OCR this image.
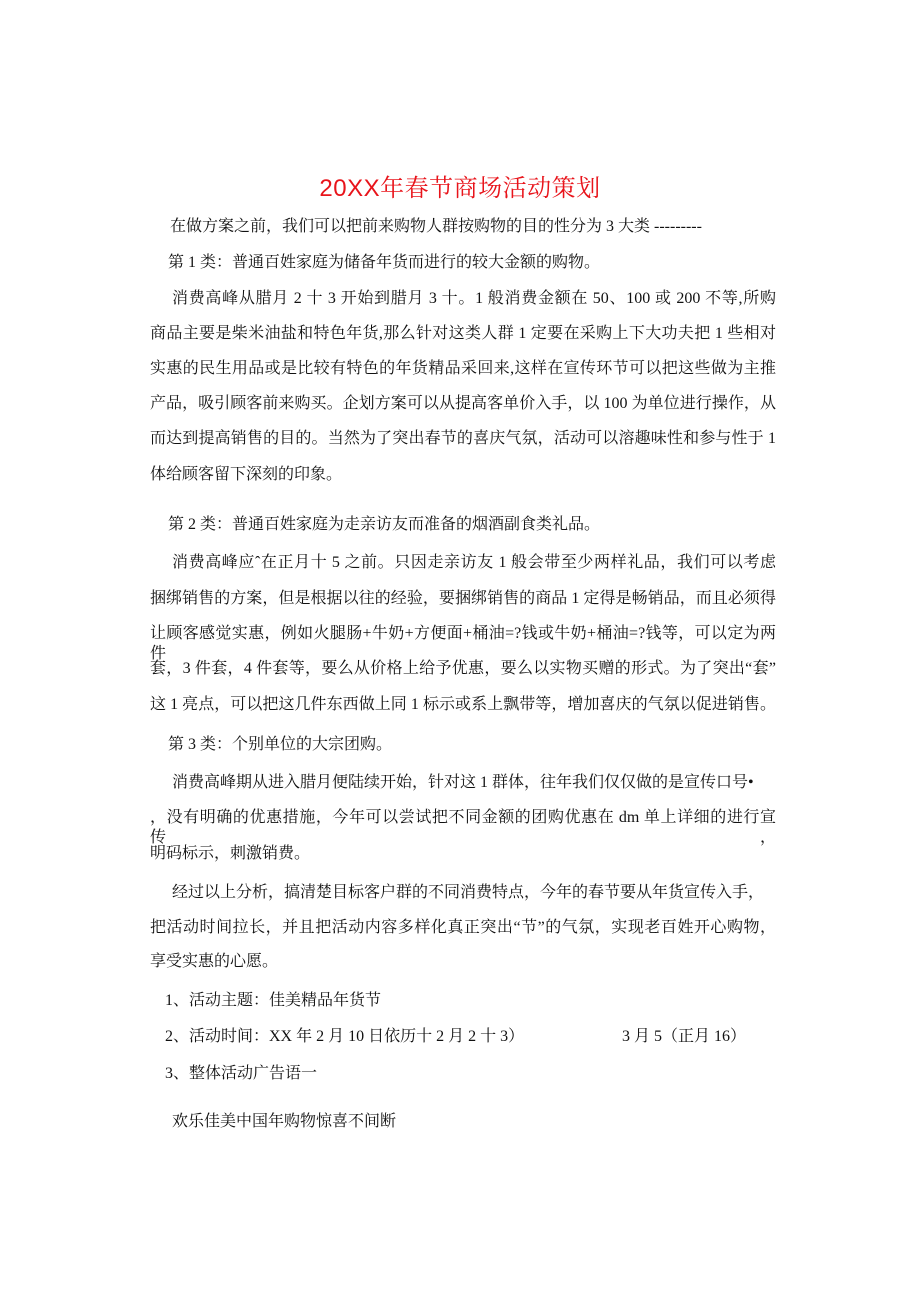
20XX年春节商场活动策划
在做方案之前，我们可以把前来购物人群按购物的目的性分为 3 大类 ---------
第 1 类：普通百姓家庭为储备年货而进行的较大金额的购物。
消费高峰从腊月 2 十 3 开始到腊月 3 十。1 般消费金额在 50、100 或 200 不等,所购
商品主要是柴米油盐和特色年货,那么针对这类人群 1 定要在采购上下大功夫把 1 些相对
实惠的民生用品或是比较有特色的年货精品采回来,这样在宣传环节可以把这些做为主推
产品，吸引顾客前来购买。企划方案可以从提高客单价入手，以 100 为单位进行操作，从
而达到提高销售的目的。当然为了突出春节的喜庆气氛，活动可以溶趣味性和参与性于 1
体给顾客留下深刻的印象。
第 2 类：普通百姓家庭为走亲访友而准备的烟酒副食类礼品。
消费高峰应ˆ在正月十 5 之前。只因走亲访友 1 般会带至少两样礼品，我们可以考虑
捆绑销售的方案，但是根据以往的经验，要捆绑销售的商品 1 定得是畅销品，而且必须得
让顾客感觉实惠，例如火腿肠+牛奶+方便面+桶油=?钱或牛奶+桶油=?钱等，可以定为两件
套，3 件套，4 件套等，要么从价格上给予优惠，要么以实物买赠的形式。为了突出“套”
这 1 亮点，可以把这几件东西做上同 1 标示或系上飘带等，增加喜庆的气氛以促进销售。
第 3 类：个别单位的大宗团购。
消费高峰期从进入腊月便陆续开始，针对这 1 群体，往年我们仅仅做的是宣传口号•
，没有明确的优惠措施，今年可以尝试把不同金额的团购优惠在 dm 单上详细的进行宣传，
明码标示，刺激销费。
经过以上分析，搞清楚目标客户群的不同消费特点，今年的春节要从年货宣传入手，
把活动时间拉长，并且把活动内容多样化真正突出“节”的气氛，实现老百姓开心购物，
享受实惠的心愿。
1、活动主题：佳美精品年货节
2、活动时间：XX 年 2 月 10 日依历十 2 月 2 十 3）
3、整体活动广告语一
欢乐佳美中国年购物惊喜不间断
3 月 5（正月 16）
